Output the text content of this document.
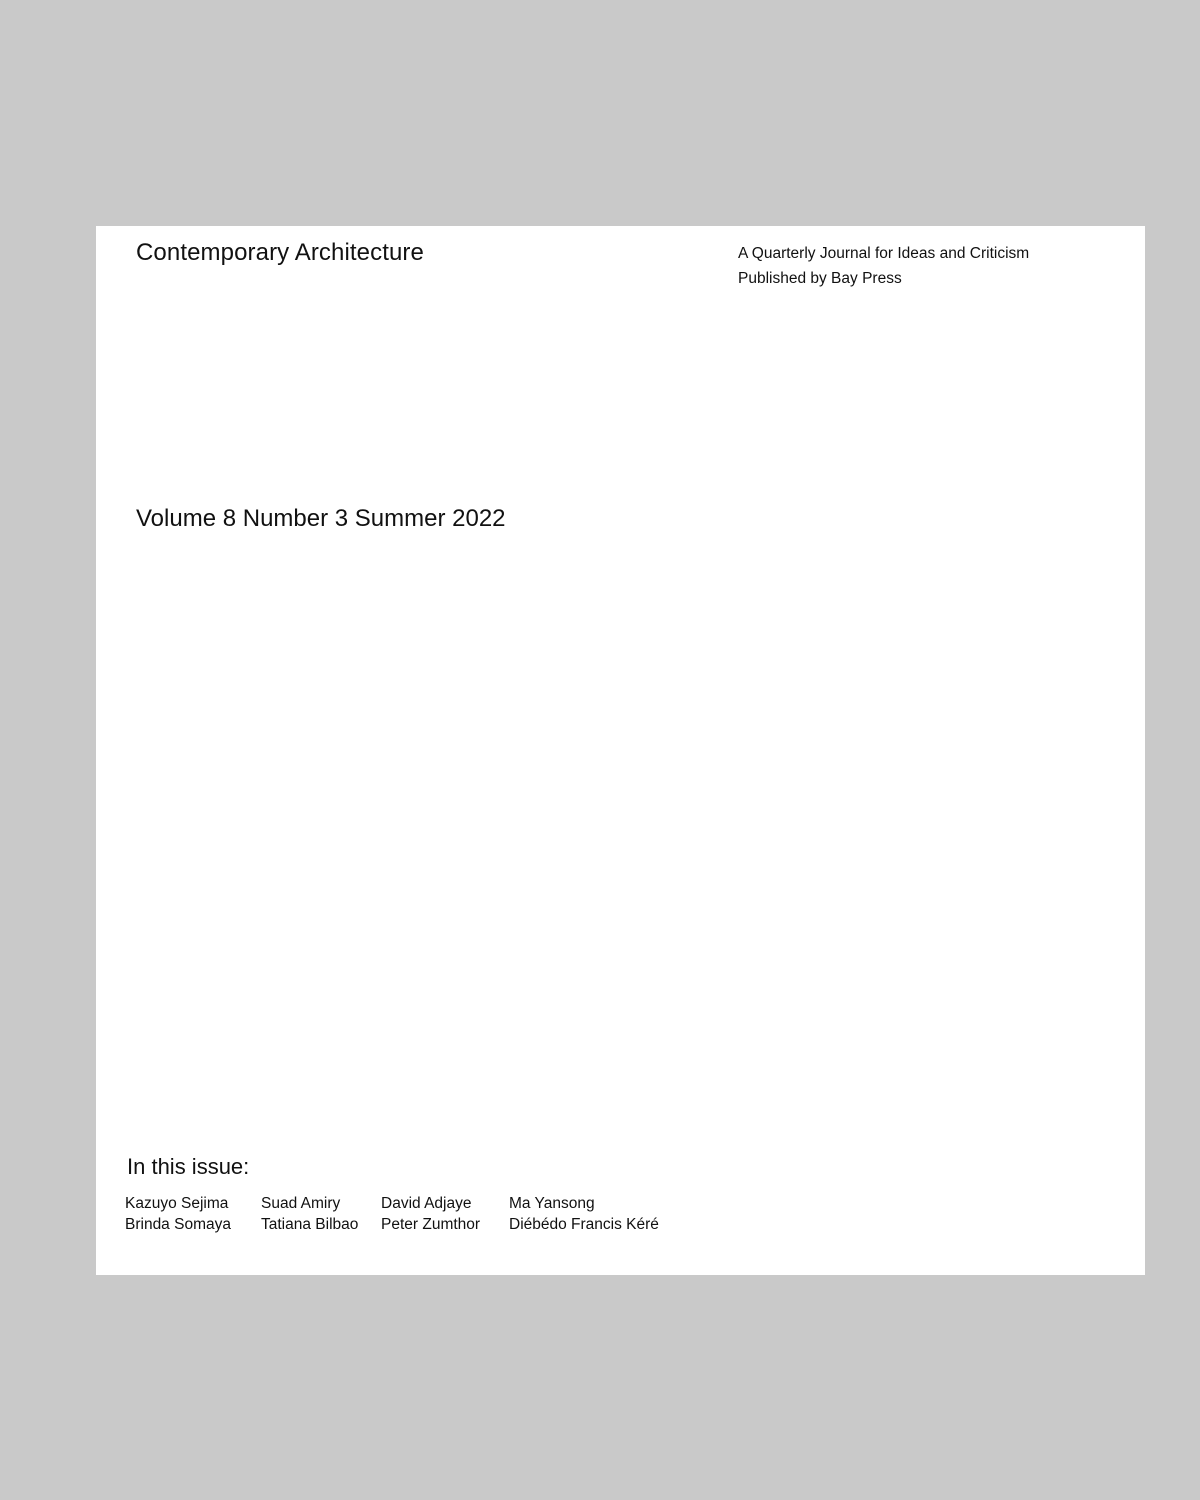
Contemporary Architecture	A Quarterly Journal for Ideas and Criticism
Published by Bay Press
Volume 8 Number 3 Summer 2022
In this issue:
Kazuyo Sejima
Brinda Somaya
Suad Amiry
Tatiana Bilbao
David Adjaye
Peter Zumthor
Ma Yansong
Diébédo Francis Kéré
